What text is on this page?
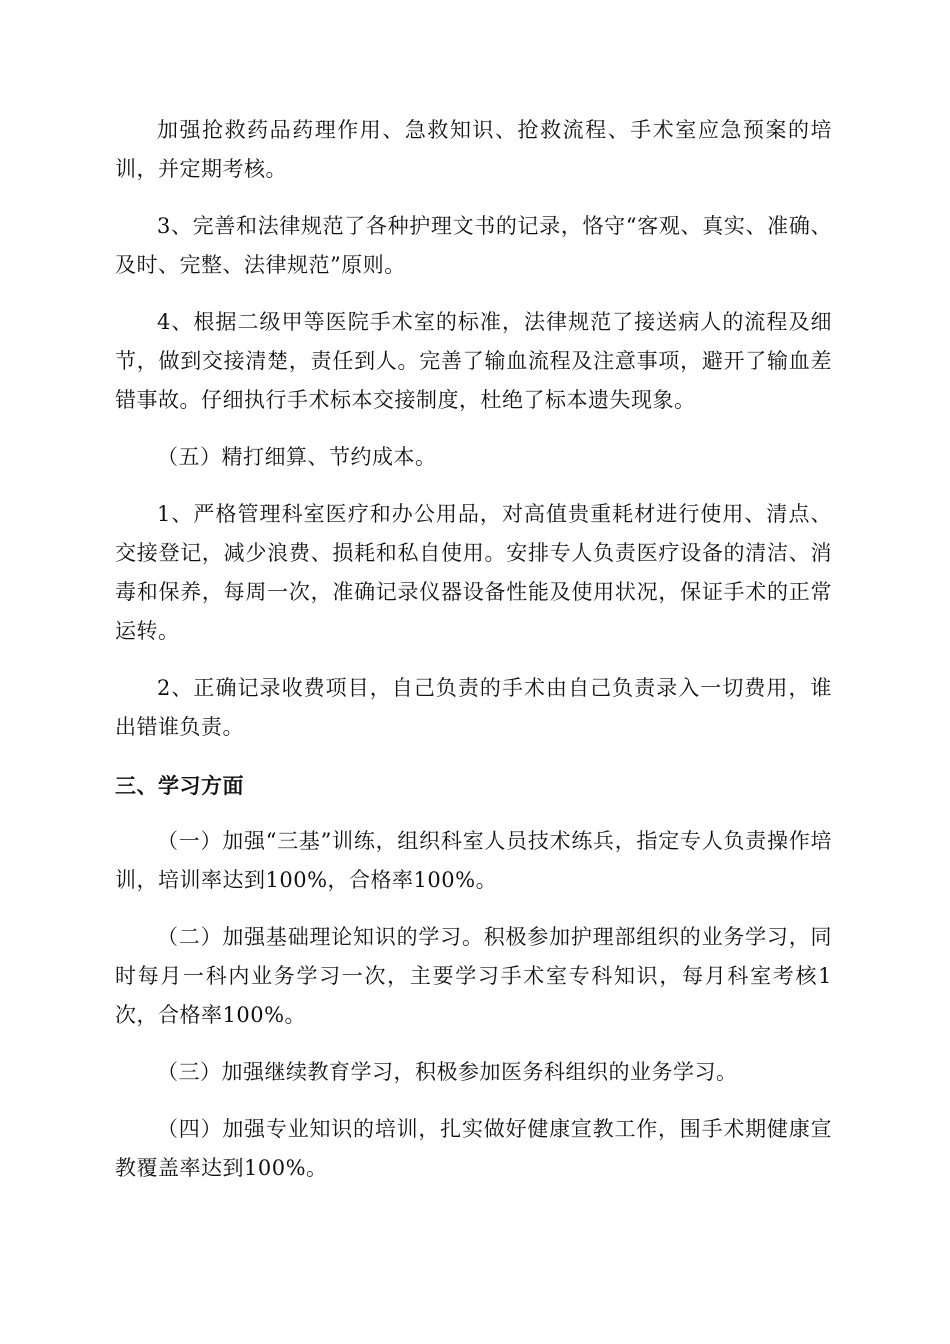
加强抢救药品药理作用、急救知识、抢救流程、手术室应急预案的培训，并定期考核。

3、完善和法律规范了各种护理文书的记录，恪守“客观、真实、准确、及时、完整、法律规范”原则。

4、根据二级甲等医院手术室的标准，法律规范了接送病人的流程及细节，做到交接清楚，责任到人。完善了输血流程及注意事项，避开了输血差错事故。仔细执行手术标本交接制度，杜绝了标本遗失现象。

（五）精打细算、节约成本。

1、严格管理科室医疗和办公用品，对高值贵重耗材进行使用、清点、交接登记，减少浪费、损耗和私自使用。安排专人负责医疗设备的清洁、消毒和保养，每周一次，准确记录仪器设备性能及使用状况，保证手术的正常运转。

2、正确记录收费项目，自己负责的手术由自己负责录入一切费用，谁出错谁负责。

三、学习方面

（一）加强“三基”训练，组织科室人员技术练兵，指定专人负责操作培训，培训率达到100%，合格率100%。

（二）加强基础理论知识的学习。积极参加护理部组织的业务学习，同时每月一科内业务学习一次，主要学习手术室专科知识，每月科室考核1次，合格率100%。

（三）加强继续教育学习，积极参加医务科组织的业务学习。

（四）加强专业知识的培训，扎实做好健康宣教工作，围手术期健康宣教覆盖率达到100%。
